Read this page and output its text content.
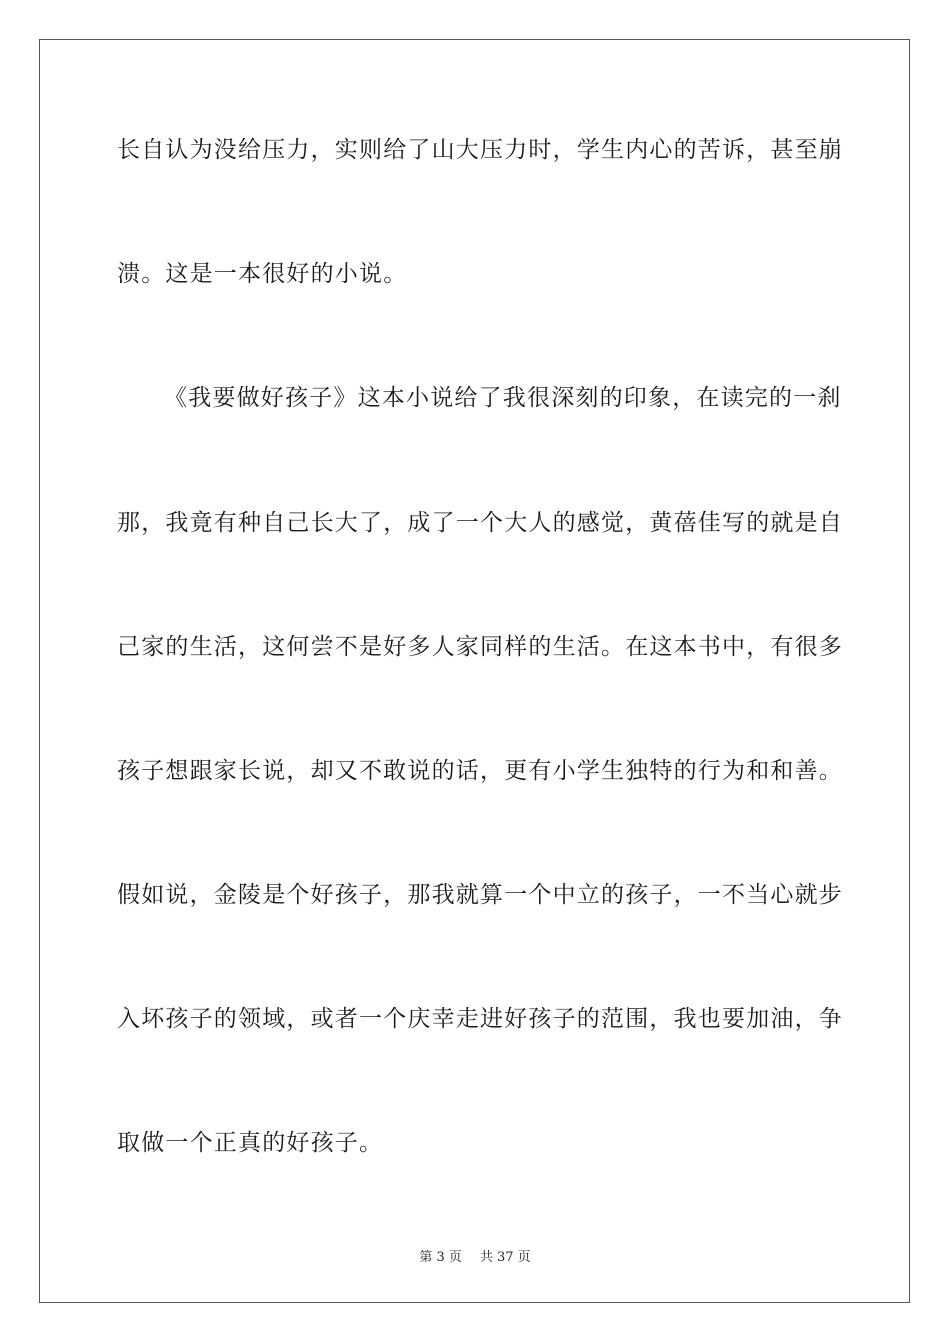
长自认为没给压力，实则给了山大压力时，学生内心的苦诉，甚至崩
溃。这是一本很好的小说。
《我要做好孩子》这本小说给了我很深刻的印象，在读完的一刹
那，我竟有种自己长大了，成了一个大人的感觉，黄蓓佳写的就是自
己家的生活，这何尝不是好多人家同样的生活。在这本书中，有很多
孩子想跟家长说，却又不敢说的话，更有小学生独特的行为和和善。
假如说，金陵是个好孩子，那我就算一个中立的孩子，一不当心就步
入坏孩子的领域，或者一个庆幸走进好孩子的范围，我也要加油，争
取做一个正真的好孩子。
第 3 页 共 37 页
